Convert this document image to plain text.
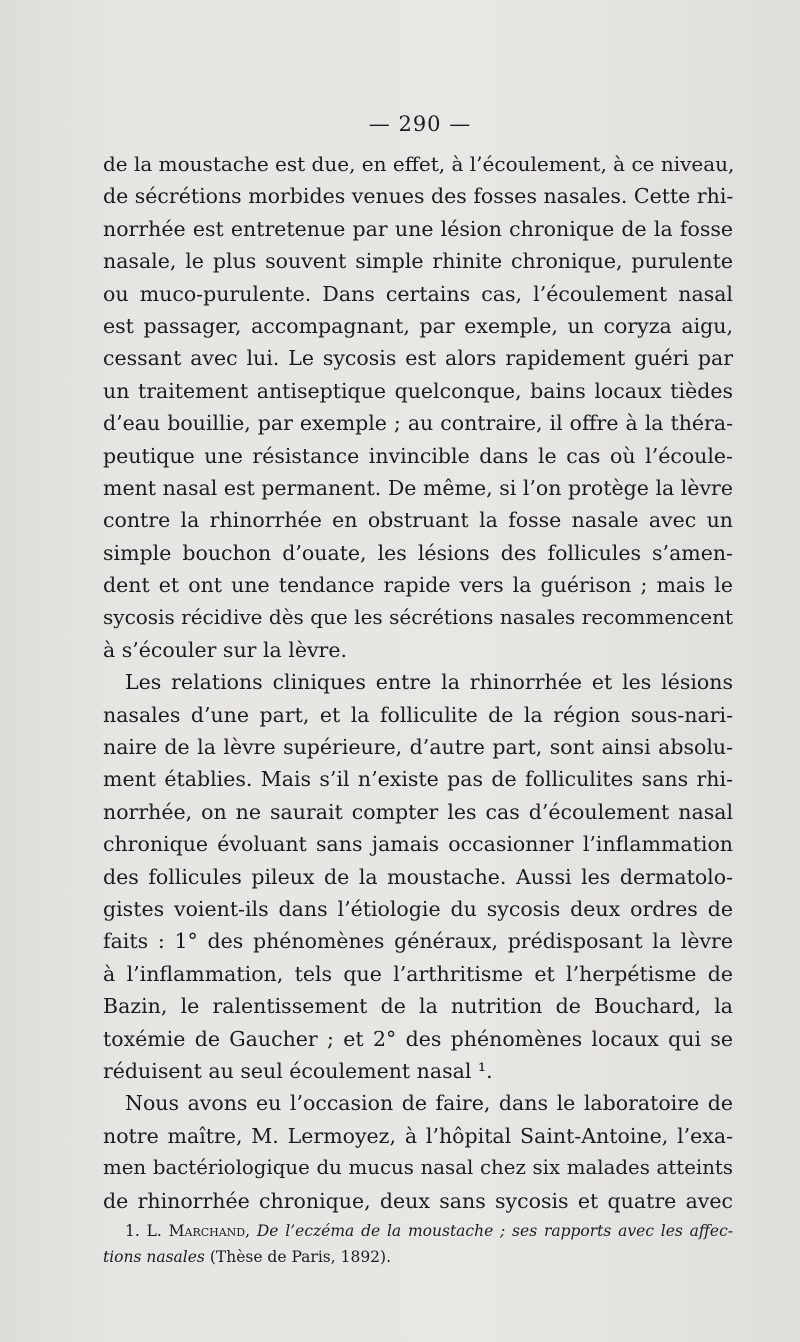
— 290 —
de la moustache est due, en effet, à l’écoulement, à ce niveau,
de sécrétions morbides venues des fosses nasales. Cette rhi-
norrhée est entretenue par une lésion chronique de la fosse
nasale, le plus souvent simple rhinite chronique, purulente
ou muco-purulente. Dans certains cas, l’écoulement nasal
est passager, accompagnant, par exemple, un coryza aigu,
cessant avec lui. Le sycosis est alors rapidement guéri par
un traitement antiseptique quelconque, bains locaux tièdes
d’eau bouillie, par exemple ; au contraire, il offre à la théra-
peutique une résistance invincible dans le cas où l’écoule-
ment nasal est permanent. De même, si l’on protège la lèvre
contre la rhinorrhée en obstruant la fosse nasale avec un
simple bouchon d’ouate, les lésions des follicules s’amen-
dent et ont une tendance rapide vers la guérison ; mais le
sycosis récidive dès que les sécrétions nasales recommencent
à s’écouler sur la lèvre.
Les relations cliniques entre la rhinorrhée et les lésions
nasales d’une part, et la folliculite de la région sous-nari-
naire de la lèvre supérieure, d’autre part, sont ainsi absolu-
ment établies. Mais s’il n’existe pas de folliculites sans rhi-
norrhée, on ne saurait compter les cas d’écoulement nasal
chronique évoluant sans jamais occasionner l’inflammation
des follicules pileux de la moustache. Aussi les dermatolo-
gistes voient-ils dans l’étiologie du sycosis deux ordres de
faits : 1° des phénomènes généraux, prédisposant la lèvre
à l’inflammation, tels que l’arthritisme et l’herpétisme de
Bazin, le ralentissement de la nutrition de Bouchard, la
toxémie de Gaucher ; et 2° des phénomènes locaux qui se
réduisent au seul écoulement nasal ¹.
Nous avons eu l’occasion de faire, dans le laboratoire de
notre maître, M. Lermoyez, à l’hôpital Saint-Antoine, l’exa-
men bactériologique du mucus nasal chez six malades atteints
de rhinorrhée chronique, deux sans sycosis et quatre avec
1. L. Marchand, De l’eczéma de la moustache ; ses rapports avec les affec-
tions nasales (Thèse de Paris, 1892).
